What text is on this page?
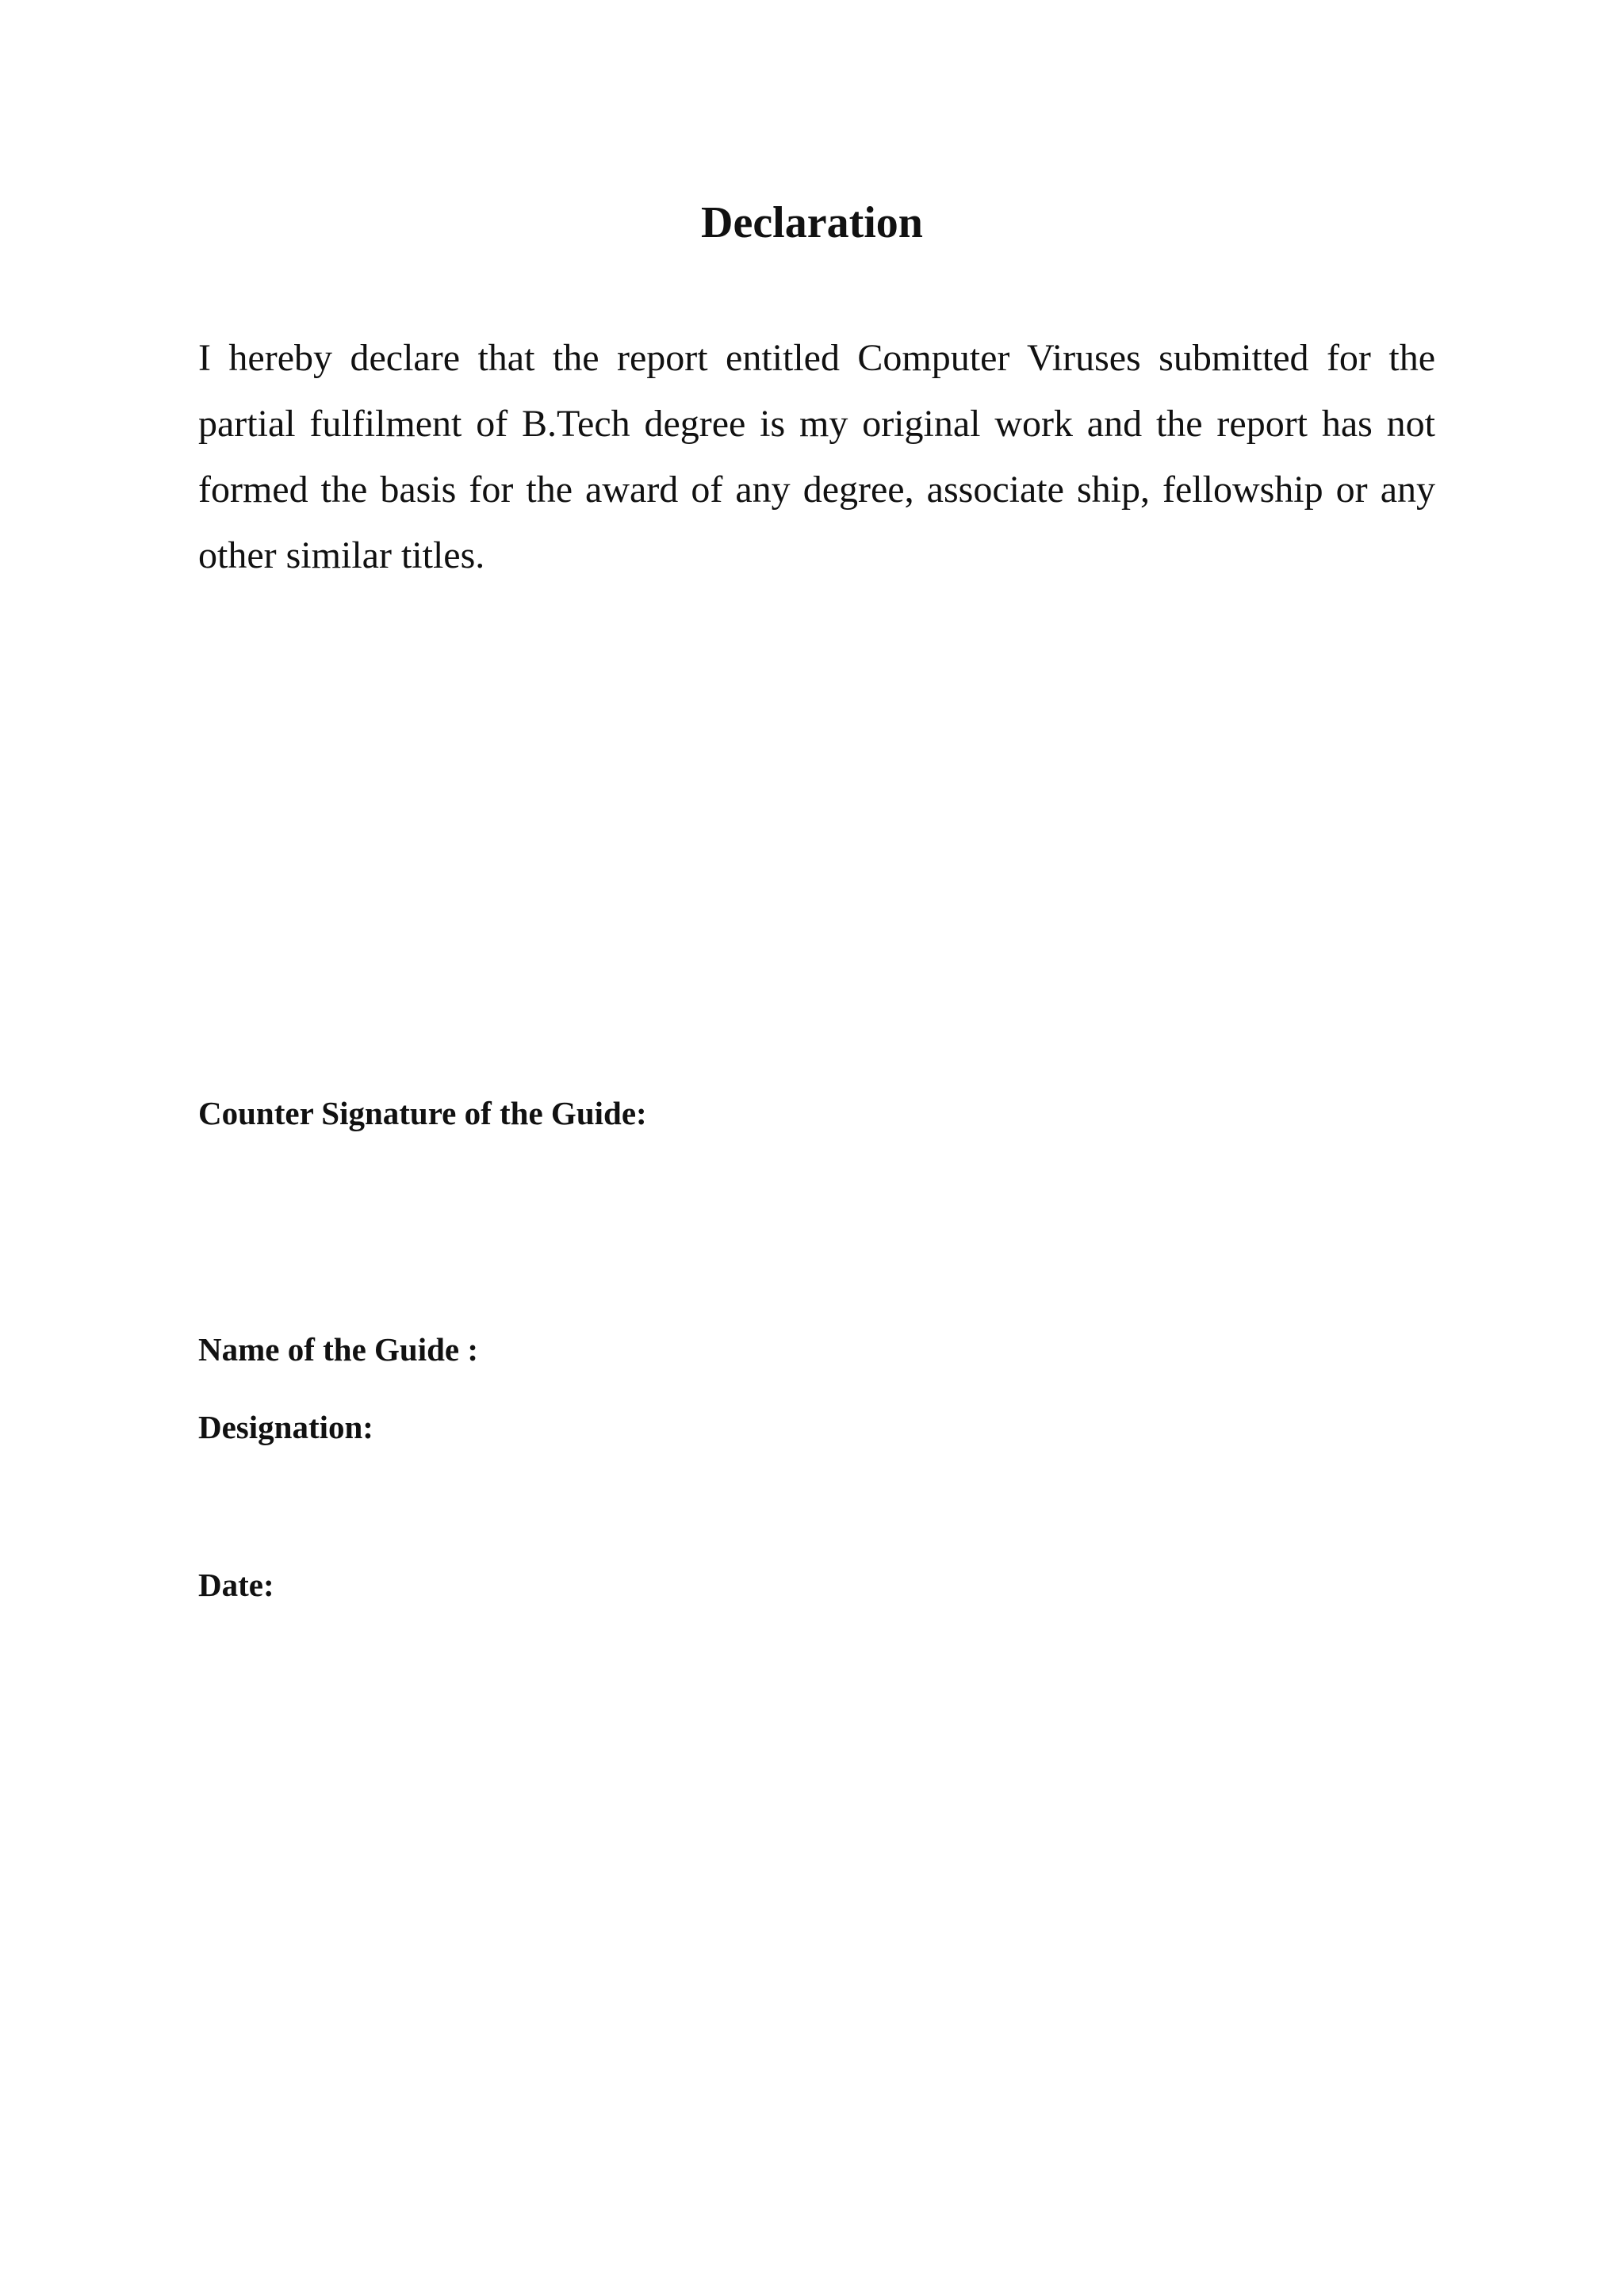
Declaration

I hereby declare that the report entitled Computer Viruses submitted for the
partial fulfilment of B.Tech degree is my original work and the report has not
formed the basis for the award of any degree, associate ship, fellowship or any
other similar titles.

Counter Signature of the Guide:

Name of the Guide :

Designation:

Date:
